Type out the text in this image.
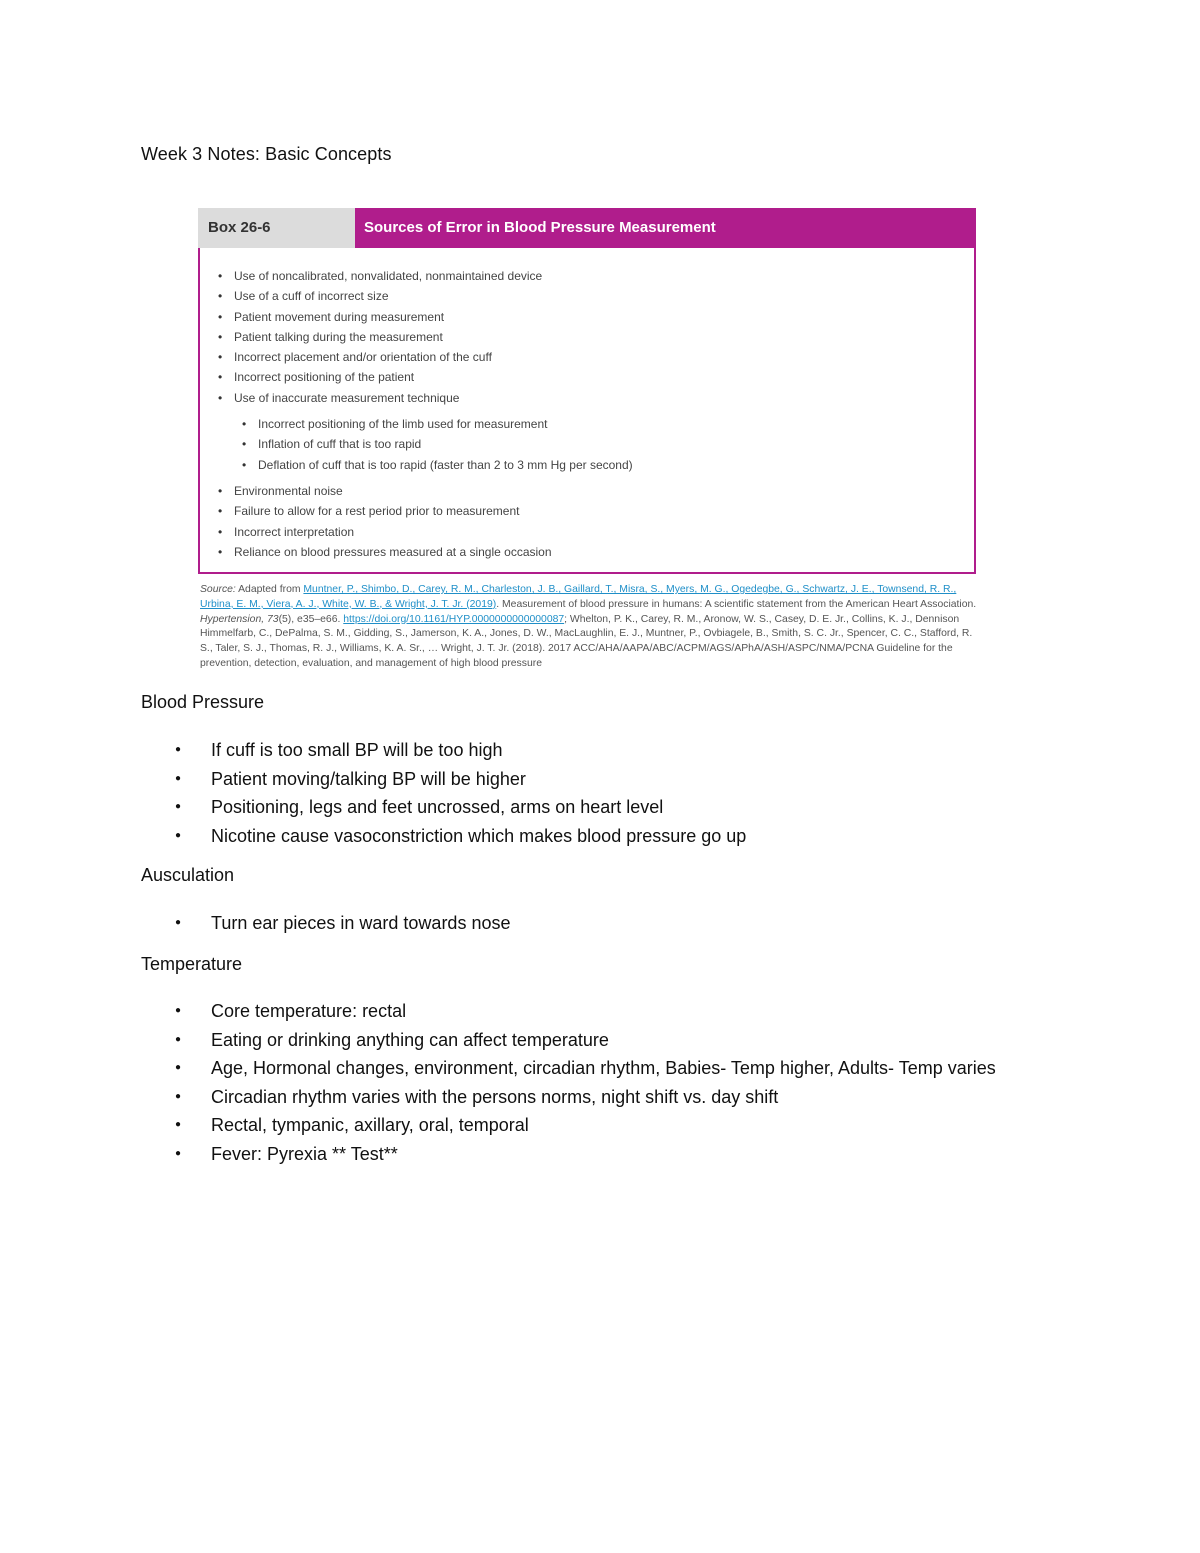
Week 3 Notes: Basic Concepts
Box 26-6	Sources of Error in Blood Pressure Measurement
• Use of noncalibrated, nonvalidated, nonmaintained device
• Use of a cuff of incorrect size
• Patient movement during measurement
• Patient talking during the measurement
• Incorrect placement and/or orientation of the cuff
• Incorrect positioning of the patient
• Use of inaccurate measurement technique
• Incorrect positioning of the limb used for measurement
• Inflation of cuff that is too rapid
• Deflation of cuff that is too rapid (faster than 2 to 3 mm Hg per second)
• Environmental noise
• Failure to allow for a rest period prior to measurement
• Incorrect interpretation
• Reliance on blood pressures measured at a single occasion
Source: Adapted from Muntner, P., Shimbo, D., Carey, R. M., Charleston, J. B., Gaillard, T., Misra, S., Myers, M. G., Ogedegbe, G., Schwartz, J. E., Townsend, R. R., Urbina, E. M., Viera, A. J., White, W. B., & Wright, J. T. Jr. (2019). Measurement of blood pressure in humans: A scientific statement from the American Heart Association. Hypertension, 73(5), e35–e66. https://doi.org/10.1161/HYP.0000000000000087; Whelton, P. K., Carey, R. M., Aronow, W. S., Casey, D. E. Jr., Collins, K. J., Dennison Himmelfarb, C., DePalma, S. M., Gidding, S., Jamerson, K. A., Jones, D. W., MacLaughlin, E. J., Muntner, P., Ovbiagele, B., Smith, S. C. Jr., Spencer, C. C., Stafford, R. S., Taler, S. J., Thomas, R. J., Williams, K. A. Sr., … Wright, J. T. Jr. (2018). 2017 ACC/AHA/AAPA/ABC/ACPM/AGS/APhA/ASH/ASPC/NMA/PCNA Guideline for the prevention, detection, evaluation, and management of high blood pressure
Blood Pressure
● If cuff is too small BP will be too high
● Patient moving/talking BP will be higher
● Positioning, legs and feet uncrossed, arms on heart level
● Nicotine cause vasoconstriction which makes blood pressure go up
Ausculation
● Turn ear pieces in ward towards nose
Temperature
● Core temperature: rectal
● Eating or drinking anything can affect temperature
● Age, Hormonal changes, environment, circadian rhythm, Babies- Temp higher, Adults- Temp varies
● Circadian rhythm varies with the persons norms, night shift vs. day shift
● Rectal, tympanic, axillary, oral, temporal
● Fever: Pyrexia ** Test**
